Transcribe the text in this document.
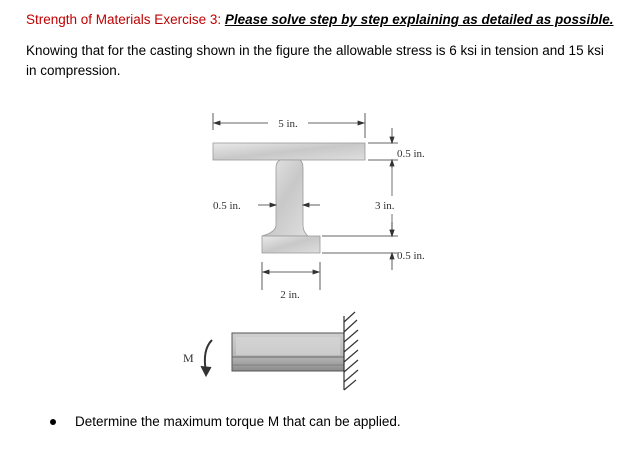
Strength of Materials Exercise 3: Please solve step by step explaining as detailed as possible.
Knowing that for the casting shown in the figure the allowable stress is 6 ksi in tension and 15 ksi in compression.
5 in.
0.5 in.
3 in.
0.5 in.
0.5 in.
2 in.
M
Determine the maximum torque M that can be applied.
